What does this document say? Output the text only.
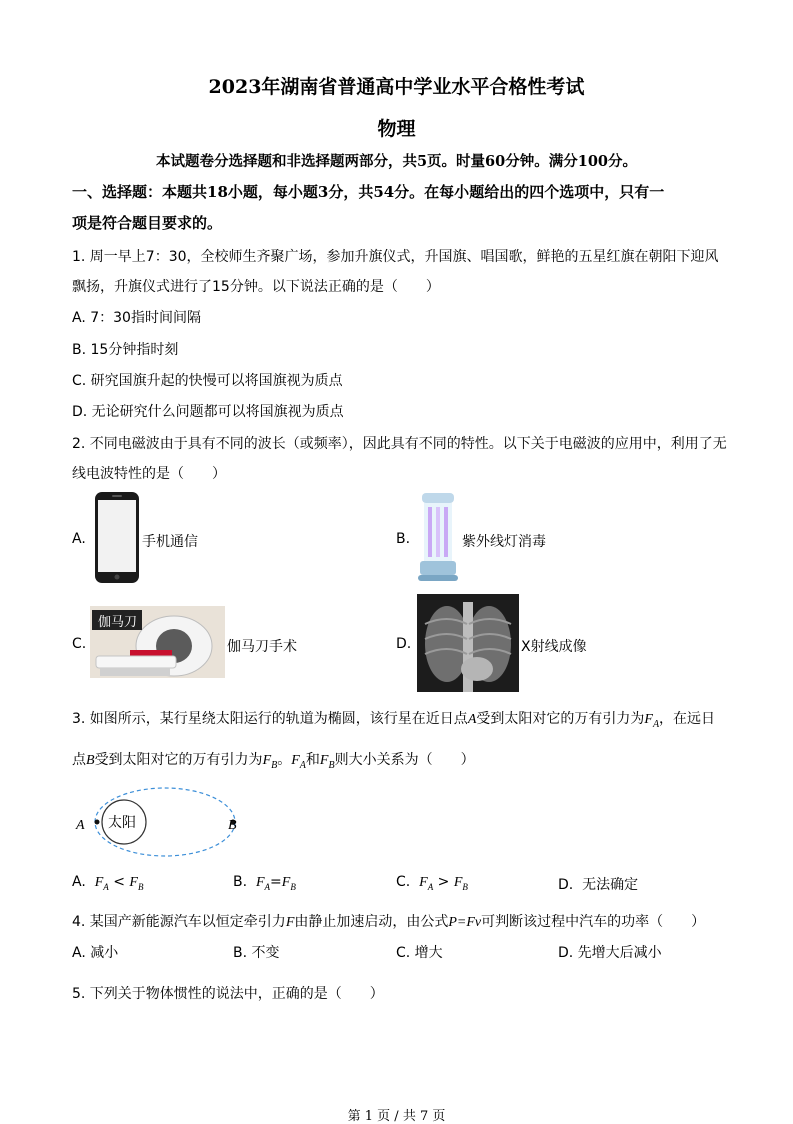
2023年湖南省普通高中学业水平合格性考试
物理
本试题卷分选择题和非选择题两部分，共5页。时量60分钟。满分100分。
一、选择题：本题共18小题，每小题3分，共54分。在每小题给出的四个选项中，只有一
项是符合题目要求的。
1. 周一早上7：30，全校师生齐聚广场，参加升旗仪式，升国旗、唱国歌，鲜艳的五星红旗在朝阳下迎风
飘扬，升旗仪式进行了15分钟。以下说法正确的是（　　）
A. 7：30指时间间隔
B. 15分钟指时刻
C. 研究国旗升起的快慢可以将国旗视为质点
D. 无论研究什么问题都可以将国旗视为质点
2. 不同电磁波由于具有不同的波长（或频率），因此具有不同的特性。以下关于电磁波的应用中，利用了无
线电波特性的是（　　）
A.	手机通信	B.	紫外线灯消毒
C.
伽马刀
伽马刀手术	D.	X射线成像
3. 如图所示，某行星绕太阳运行的轨道为椭圆，该行星在近日点A受到太阳对它的万有引力为$F_A$，在远日
点B受到太阳对它的万有引力为$F_B$。$F_A$和$F_B$则大小关系为（　　）
太阳
A	B
A. $F_A < F_B$	B. $F_A=F_B$	C. $F_A > F_B$	D. 无法确定
4. 某国产新能源汽车以恒定牵引力F由静止加速启动，由公式P=Fv可判断该过程中汽车的功率（　　）
A. 减小	B. 不变	C. 增大	D. 先增大后减小
5. 下列关于物体惯性的说法中，正确的是（　　）
第 1 页 / 共 7 页
